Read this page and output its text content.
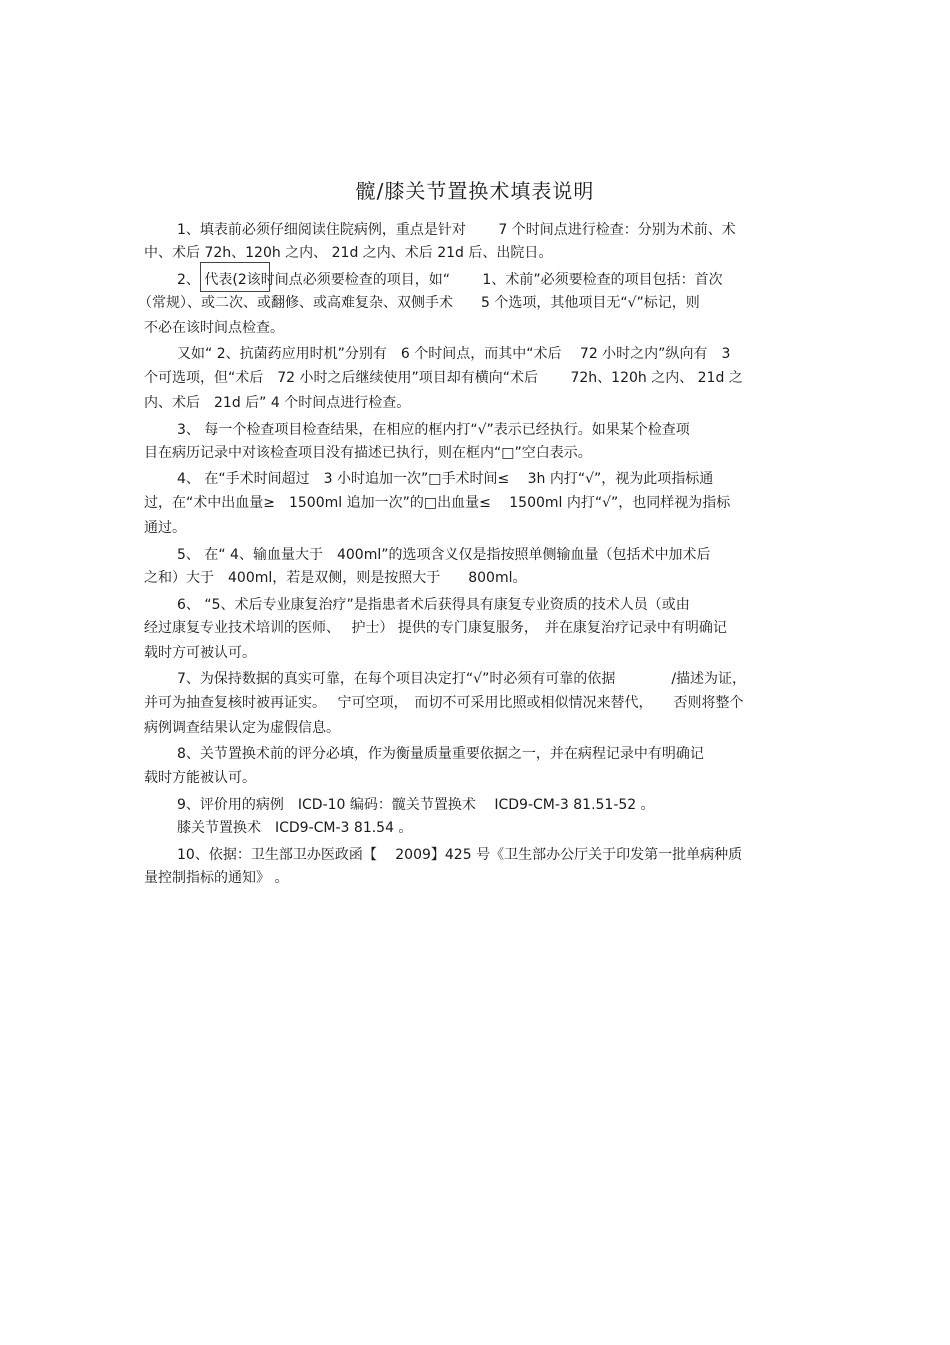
髋/膝关节置换术填表说明
1、填表前必须仔细阅读住院病例，重点是针对　　 7 个时间点进行检查：分别为术前、术
中、术后 72h、120h 之内、 21d 之内、术后 21d 后、出院日。
2、 代表(2该时间点必须要检查的项目，如“　　 1、术前”必须要检查的项目包括：首次
（常规）、或二次、或翻修、或高难复杂、双侧手术　　5 个选项，其他项目无“√”标记，则
不必在该时间点检查。
又如“ 2、抗菌药应用时机”分别有　6 个时间点，而其中“术后　 72 小时之内”纵向有　3
个可选项，但“术后　72 小时之后继续使用”项目却有横向“术后　　 72h、120h 之内、 21d 之
内、术后　21d 后” 4 个时间点进行检查。
3、 每一个检查项目检查结果，在相应的框内打“√”表示已经执行。如果某个检查项
目在病历记录中对该检查项目没有描述已执行，则在框内“□”空白表示。
4、 在“手术时间超过　3 小时追加一次”□手术时间≤　 3h 内打“√”，视为此项指标通
过，在“术中出血量≥　1500ml 追加一次”的□出血量≤　 1500ml 内打“√”，也同样视为指标
通过。
5、 在“ 4、输血量大于　400ml”的选项含义仅是指按照单侧输血量（包括术中加术后
之和）大于　400ml，若是双侧，则是按照大于　　800ml。
6、 “5、术后专业康复治疗”是指患者术后获得具有康复专业资质的技术人员（或由
经过康复专业技术培训的医师、　 护士） 提供的专门康复服务，　并在康复治疗记录中有明确记
载时方可被认可。
7、为保持数据的真实可靠，在每个项目决定打“√”时必须有可靠的依据　　　　/描述为证，
并可为抽查复核时被再证实。　 宁可空项，　而切不可采用比照或相似情况来替代，　　否则将整个
病例调查结果认定为虚假信息。
8、关节置换术前的评分必填，作为衡量质量重要依据之一，并在病程记录中有明确记
载时方能被认可。
9、评价用的病例　ICD-10 编码：髋关节置换术　 ICD9-CM-3 81.51-52 。
膝关节置换术　ICD9-CM-3 81.54 。
10、依据：卫生部卫办医政函【　 2009】425 号《卫生部办公厅关于印发第一批单病种质
量控制指标的通知》 。
